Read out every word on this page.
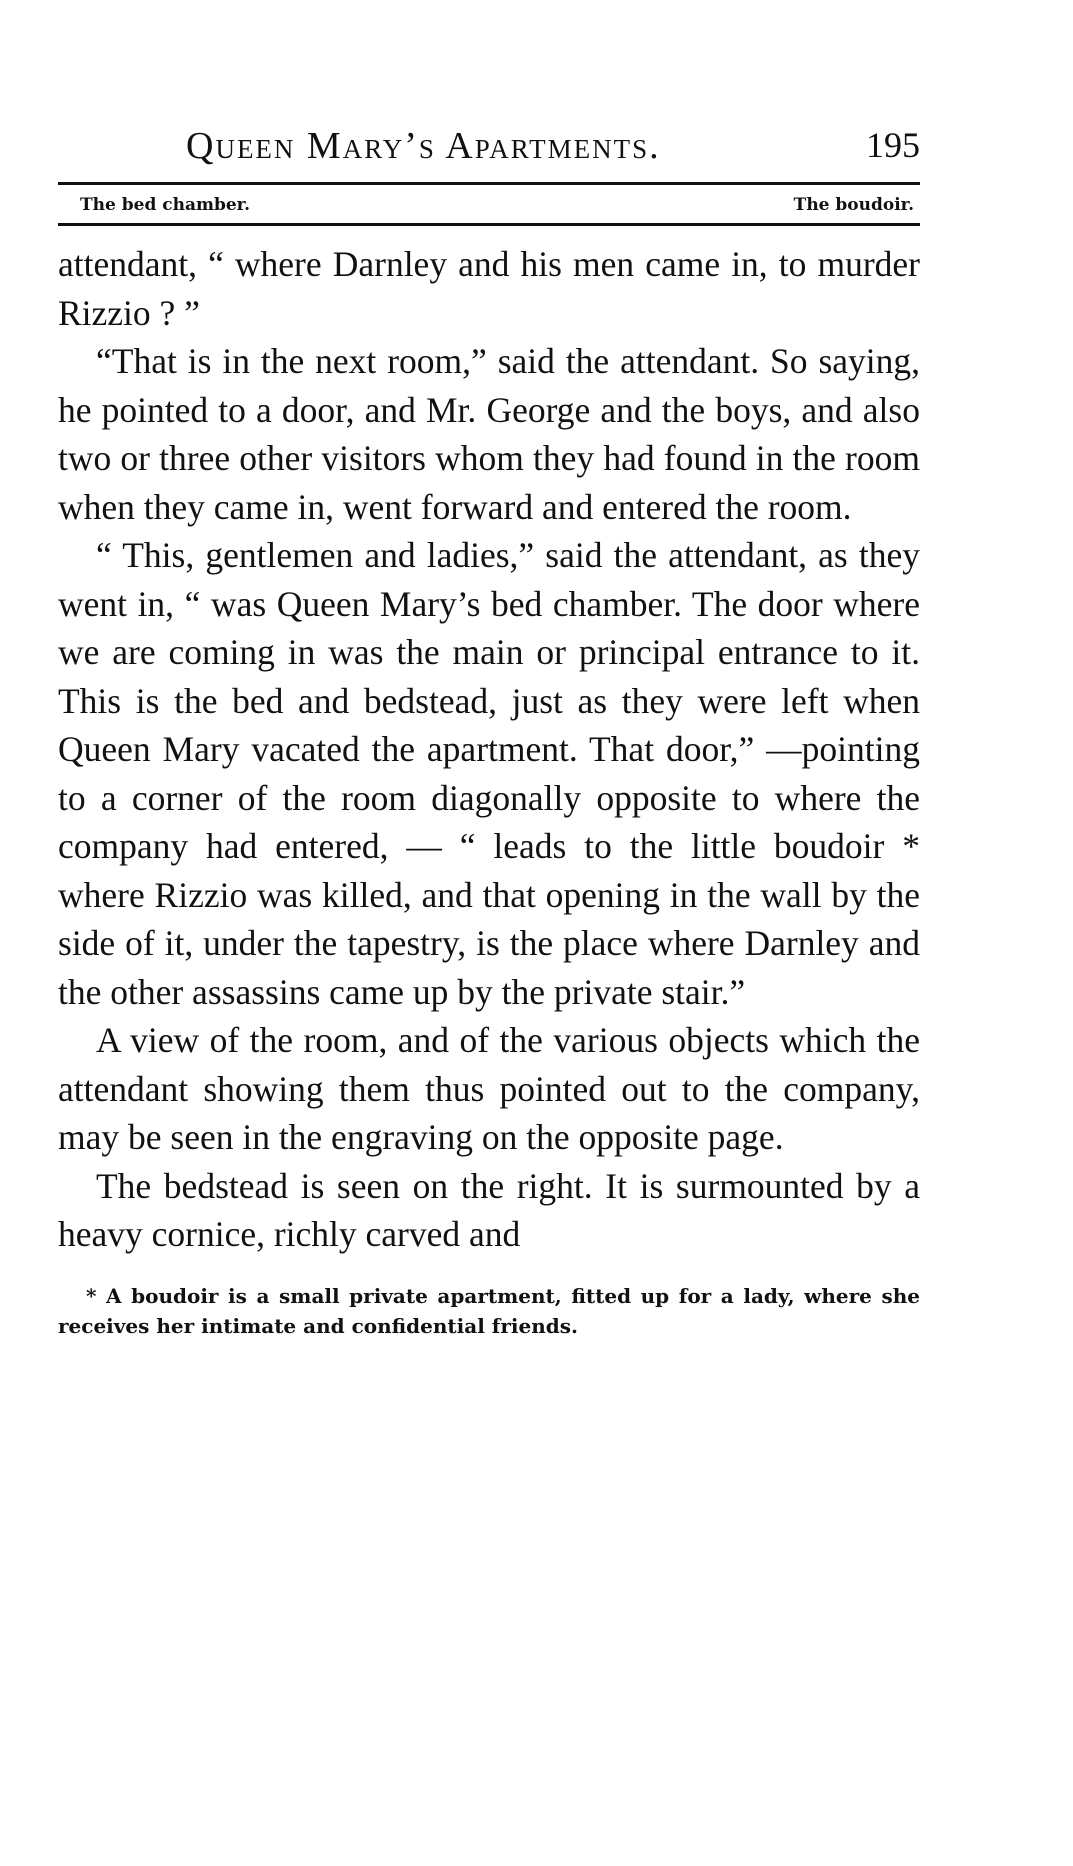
Queen Mary’s Apartments.	195
The bed chamber.	The boudoir.

attendant, “ where Darnley and his men came in, to murder Rizzio ? ”

“That is in the next room,” said the attendant. So saying, he pointed to a door, and Mr. George and the boys, and also two or three other visitors whom they had found in the room when they came in, went forward and entered the room.

“ This, gentlemen and ladies,” said the attendant, as they went in, “ was Queen Mary’s bed chamber. The door where we are coming in was the main or principal entrance to it. This is the bed and bedstead, just as they were left when Queen Mary vacated the apartment. That door,” —pointing to a corner of the room diagonally opposite to where the company had entered, — “ leads to the little boudoir * where Rizzio was killed, and that opening in the wall by the side of it, under the tapestry, is the place where Darnley and the other assassins came up by the private stair.”

A view of the room, and of the various objects which the attendant showing them thus pointed out to the company, may be seen in the engraving on the opposite page.

The bedstead is seen on the right. It is surmounted by a heavy cornice, richly carved and

* A boudoir is a small private apartment, fitted up for a lady, where she receives her intimate and confidential friends.
